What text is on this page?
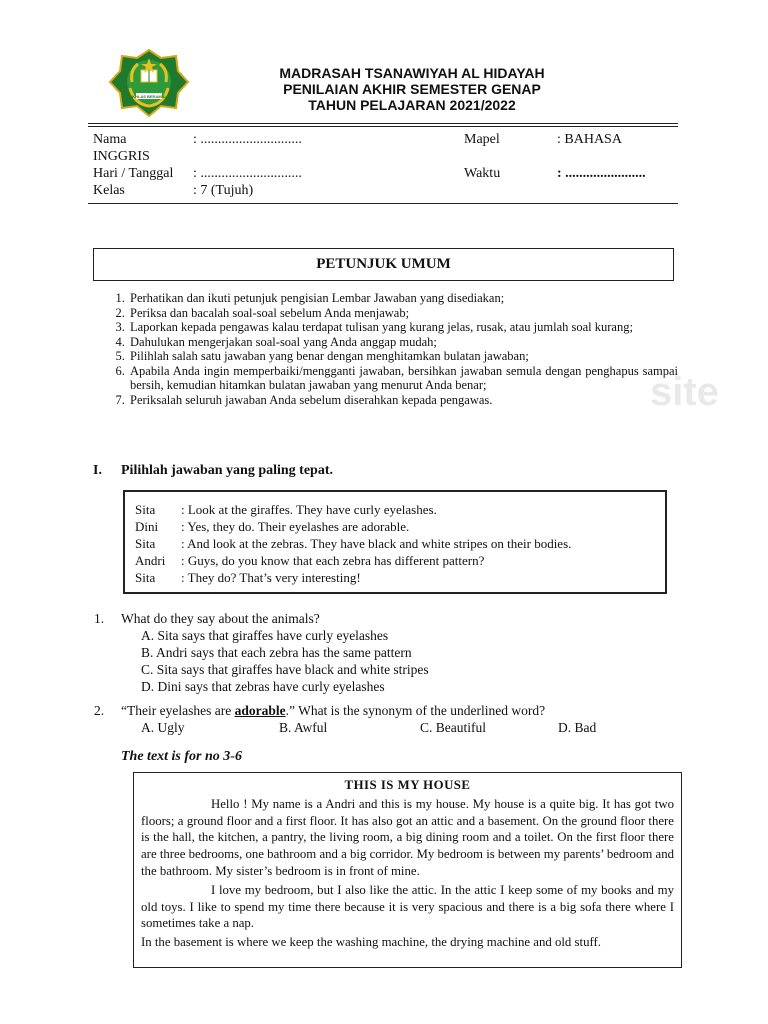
IKHLAS BERAMAL
MADRASAH TSANAWIYAH AL HIDAYAH
PENILAIAN AKHIR SEMESTER GENAP
TAHUN PELAJARAN 2021/2022
Nama	: .............................	Mapel	: BAHASA
INGGRIS
Hari / Tanggal : .............................	Waktu	: .......................
Kelas	: 7 (Tujuh)
PETUNJUK UMUM
site
1. Perhatikan dan ikuti petunjuk pengisian Lembar Jawaban yang disediakan;
2. Periksa dan bacalah soal-soal sebelum Anda menjawab;
3. Laporkan kepada pengawas kalau terdapat tulisan yang kurang jelas, rusak, atau jumlah soal kurang;
4. Dahulukan mengerjakan soal-soal yang Anda anggap mudah;
5. Pilihlah salah satu jawaban yang benar dengan menghitamkan bulatan jawaban;
6. Apabila Anda ingin memperbaiki/mengganti jawaban, bersihkan jawaban semula dengan penghapus sampai bersih, kemudian hitamkan bulatan jawaban yang menurut Anda benar;
7. Periksalah seluruh jawaban Anda sebelum diserahkan kepada pengawas.
I. Pilihlah jawaban yang paling tepat.
Sita : Look at the giraffes. They have curly eyelashes.
Dini : Yes, they do. Their eyelashes are adorable.
Sita : And look at the zebras. They have black and white stripes on their bodies.
Andri : Guys, do you know that each zebra has different pattern?
Sita : They do? That’s very interesting!
1. What do they say about the animals?
A. Sita says that giraffes have curly eyelashes
B. Andri says that each zebra has the same pattern
C. Sita says that giraffes have black and white stripes
D. Dini says that zebras have curly eyelashes
2. “Their eyelashes are adorable.” What is the synonym of the underlined word?
A. Ugly	B. Awful	C. Beautiful	D. Bad
The text is for no 3-6
THIS IS MY HOUSE

Hello ! My name is a Andri and this is my house. My house is a quite big. It has got two floors; a ground floor and a first floor. It has also got an attic and a basement. On the ground floor there is the hall, the kitchen, a pantry, the living room, a big dining room and a toilet. On the first floor there are three bedrooms, one bathroom and a big corridor. My bedroom is between my parents’ bedroom and the bathroom. My sister’s bedroom is in front of mine.

I love my bedroom, but I also like the attic. In the attic I keep some of my books and my old toys. I like to spend my time there because it is very spacious and there is a big sofa there where I sometimes take a nap.

In the basement is where we keep the washing machine, the drying machine and old stuff.
